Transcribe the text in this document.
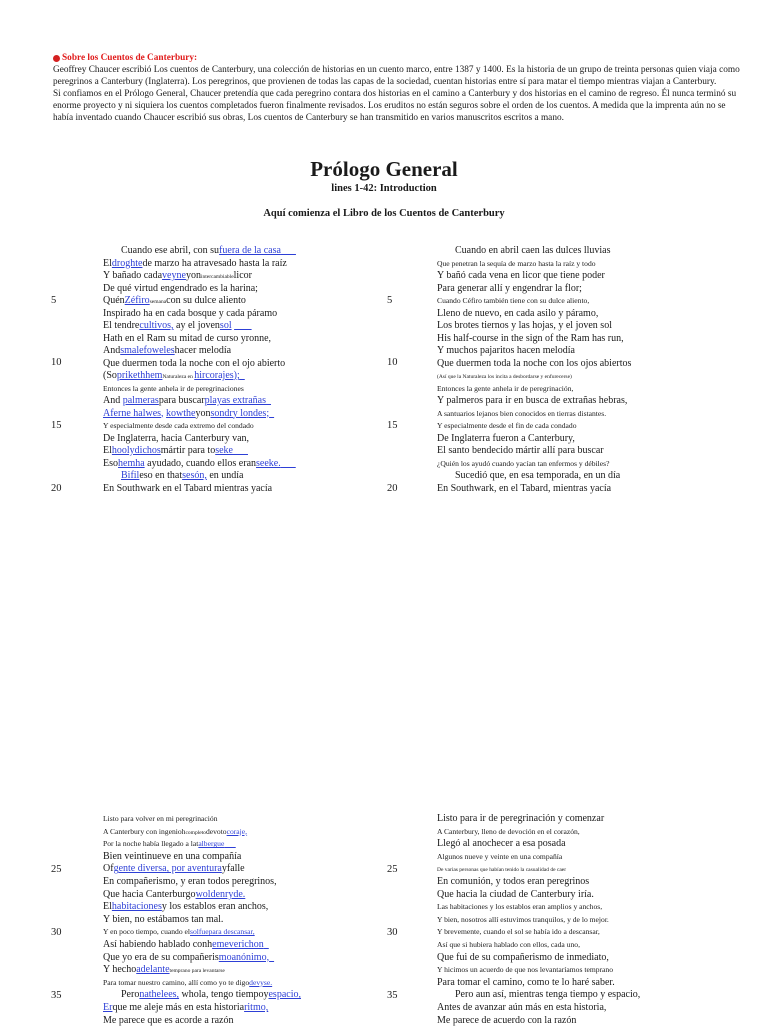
Sobre los Cuentos de Canterbury:

Geoffrey Chaucer escribió Los cuentos de Canterbury, una colección de historias en un cuento marco, entre 1387 y 1400. Es la historia de un grupo de treinta personas quien viaja como peregrinos a Canterbury (Inglaterra). Los peregrinos, que provienen de todas las capas de la sociedad, cuentan historias entre sí para matar el tiempo mientras viajan a Canterbury.

Si confiamos en el Prólogo General, Chaucer pretendía que cada peregrino contara dos historias en el camino a Canterbury y dos historias en el camino de regreso. Él nunca terminó su enorme proyecto y ni siquiera los cuentos completados fueron finalmente revisados. Los eruditos no están seguros sobre el orden de los cuentos. A medida que la imprenta aún no se había inventado cuando Chaucer escribió sus obras, Los cuentos de Canterbury se han transmitido en varios manuscritos escritos a mano.

Prólogo General
lines 1-42: Introduction
Aquí comienza el Libro de los Cuentos de Canterbury
Cuando ese abril, con sufuera de la casa
Eldroghtede marzo ha atravesado hasta la raíz
Y bañado cadaveyneyonintercambiablelicor
De qué virtud engendrado es la harina;
QuénZéfirosemanacon su dulce aliento
Inspirado ha en cada bosque y cada páramo
El tendrecultivos, ay el jovensol
Hath en el Ram su mitad de curso yronne,
Andsmalefoweleshacer melodía
Que duermen toda la noche con el ojo abierto
(SoprikethhemNaturaleza en hircorajes);
Entonces la gente anhela ir de peregrinaciones
And palmeraspara buscarplayas extrañas
Aferne halwes, kowtheyonsondry londes;
Y especialmente desde cada extremo del condado
De Inglaterra, hacia Canterbury van,
Elhoolydichosmártir para toseke
Esohemha ayudado, cuando ellos eranseeke.
Bifileso en thatsesón, en undía
En Southwark en el Tabard mientras yacía
Cuando en abril caen las dulces lluvias
Que penetran la sequía de marzo hasta la raíz y todo
Y bañó cada vena en licor que tiene poder
Para generar allí y engendrar la flor;
Cuando Céfiro también tiene con su dulce aliento,
Lleno de nuevo, en cada asilo y páramo,
Los brotes tiernos y las hojas, y el joven sol
His half-course in the sign of the Ram has run,
Y muchos pajaritos hacen melodía
Que duermen toda la noche con los ojos abiertos
(Así que la Naturaleza los incita a desbordarse y enfurecerse)
Entonces la gente anhela ir de peregrinación,
Y palmeros para ir en busca de extrañas hebras,
A santuarios lejanos bien conocidos en tierras distantes.
Y especialmente desde el fin de cada condado
De Inglaterra fueron a Canterbury,
El santo bendecido mártir allí para buscar
¿Quién los ayudó cuando yacían tan enfermos y débiles?
Sucedió que, en esa temporada, en un día
En Southwark, en el Tabard, mientras yacía
Listo para volver en mi peregrinación
A Canterbury con ingeniohcompletodevotocoraje,
Por la noche había llegado a latalbergue
Bien veintinueve en una compañía
Ofgente diversa, por aventurayfalle
En compañerismo, y eran todos peregrinos,
Que hacia Canterburgowoldenryde.
Elhabitacionesy los establos eran anchos,
Y bien, no estábamos tan mal.
Y en poco tiempo, cuando elsolfuepara descansar,
Así habiendo hablado conhemeverichon
Que yo era de su compañerismoanónimo,
Y hechoadelantetemprano para levantarse
Para tomar nuestro camino, allí como yo te digodevyse.
Peronathelees, whola, tengo tiempoyespacio,
Erque me aleje más en esta historiaritmo,
Me parece que es acorde a razón
Listo para ir de peregrinación y comenzar
A Canterbury, lleno de devoción en el corazón,
Llegó al anochecer a esa posada
Algunos nueve y veinte en una compañía
De varias personas que habían tenido la casualidad de caer
En comunión, y todos eran peregrinos
Que hacia la ciudad de Canterbury iría.
Las habitaciones y los establos eran amplios y anchos,
Y bien, nosotros allí estuvimos tranquilos, y de lo mejor.
Y brevemente, cuando el sol se había ido a descansar,
Así que si hubiera hablado con ellos, cada uno,
Que fui de su compañerismo de inmediato,
Y hicimos un acuerdo de que nos levantaríamos temprano
Para tomar el camino, como te lo haré saber.
Pero aun así, mientras tenga tiempo y espacio,
Antes de avanzar aún más en esta historia,
Me parece de acuerdo con la razón
5
10
15
20
5
10
15
20
25
30
35
25
30
35
